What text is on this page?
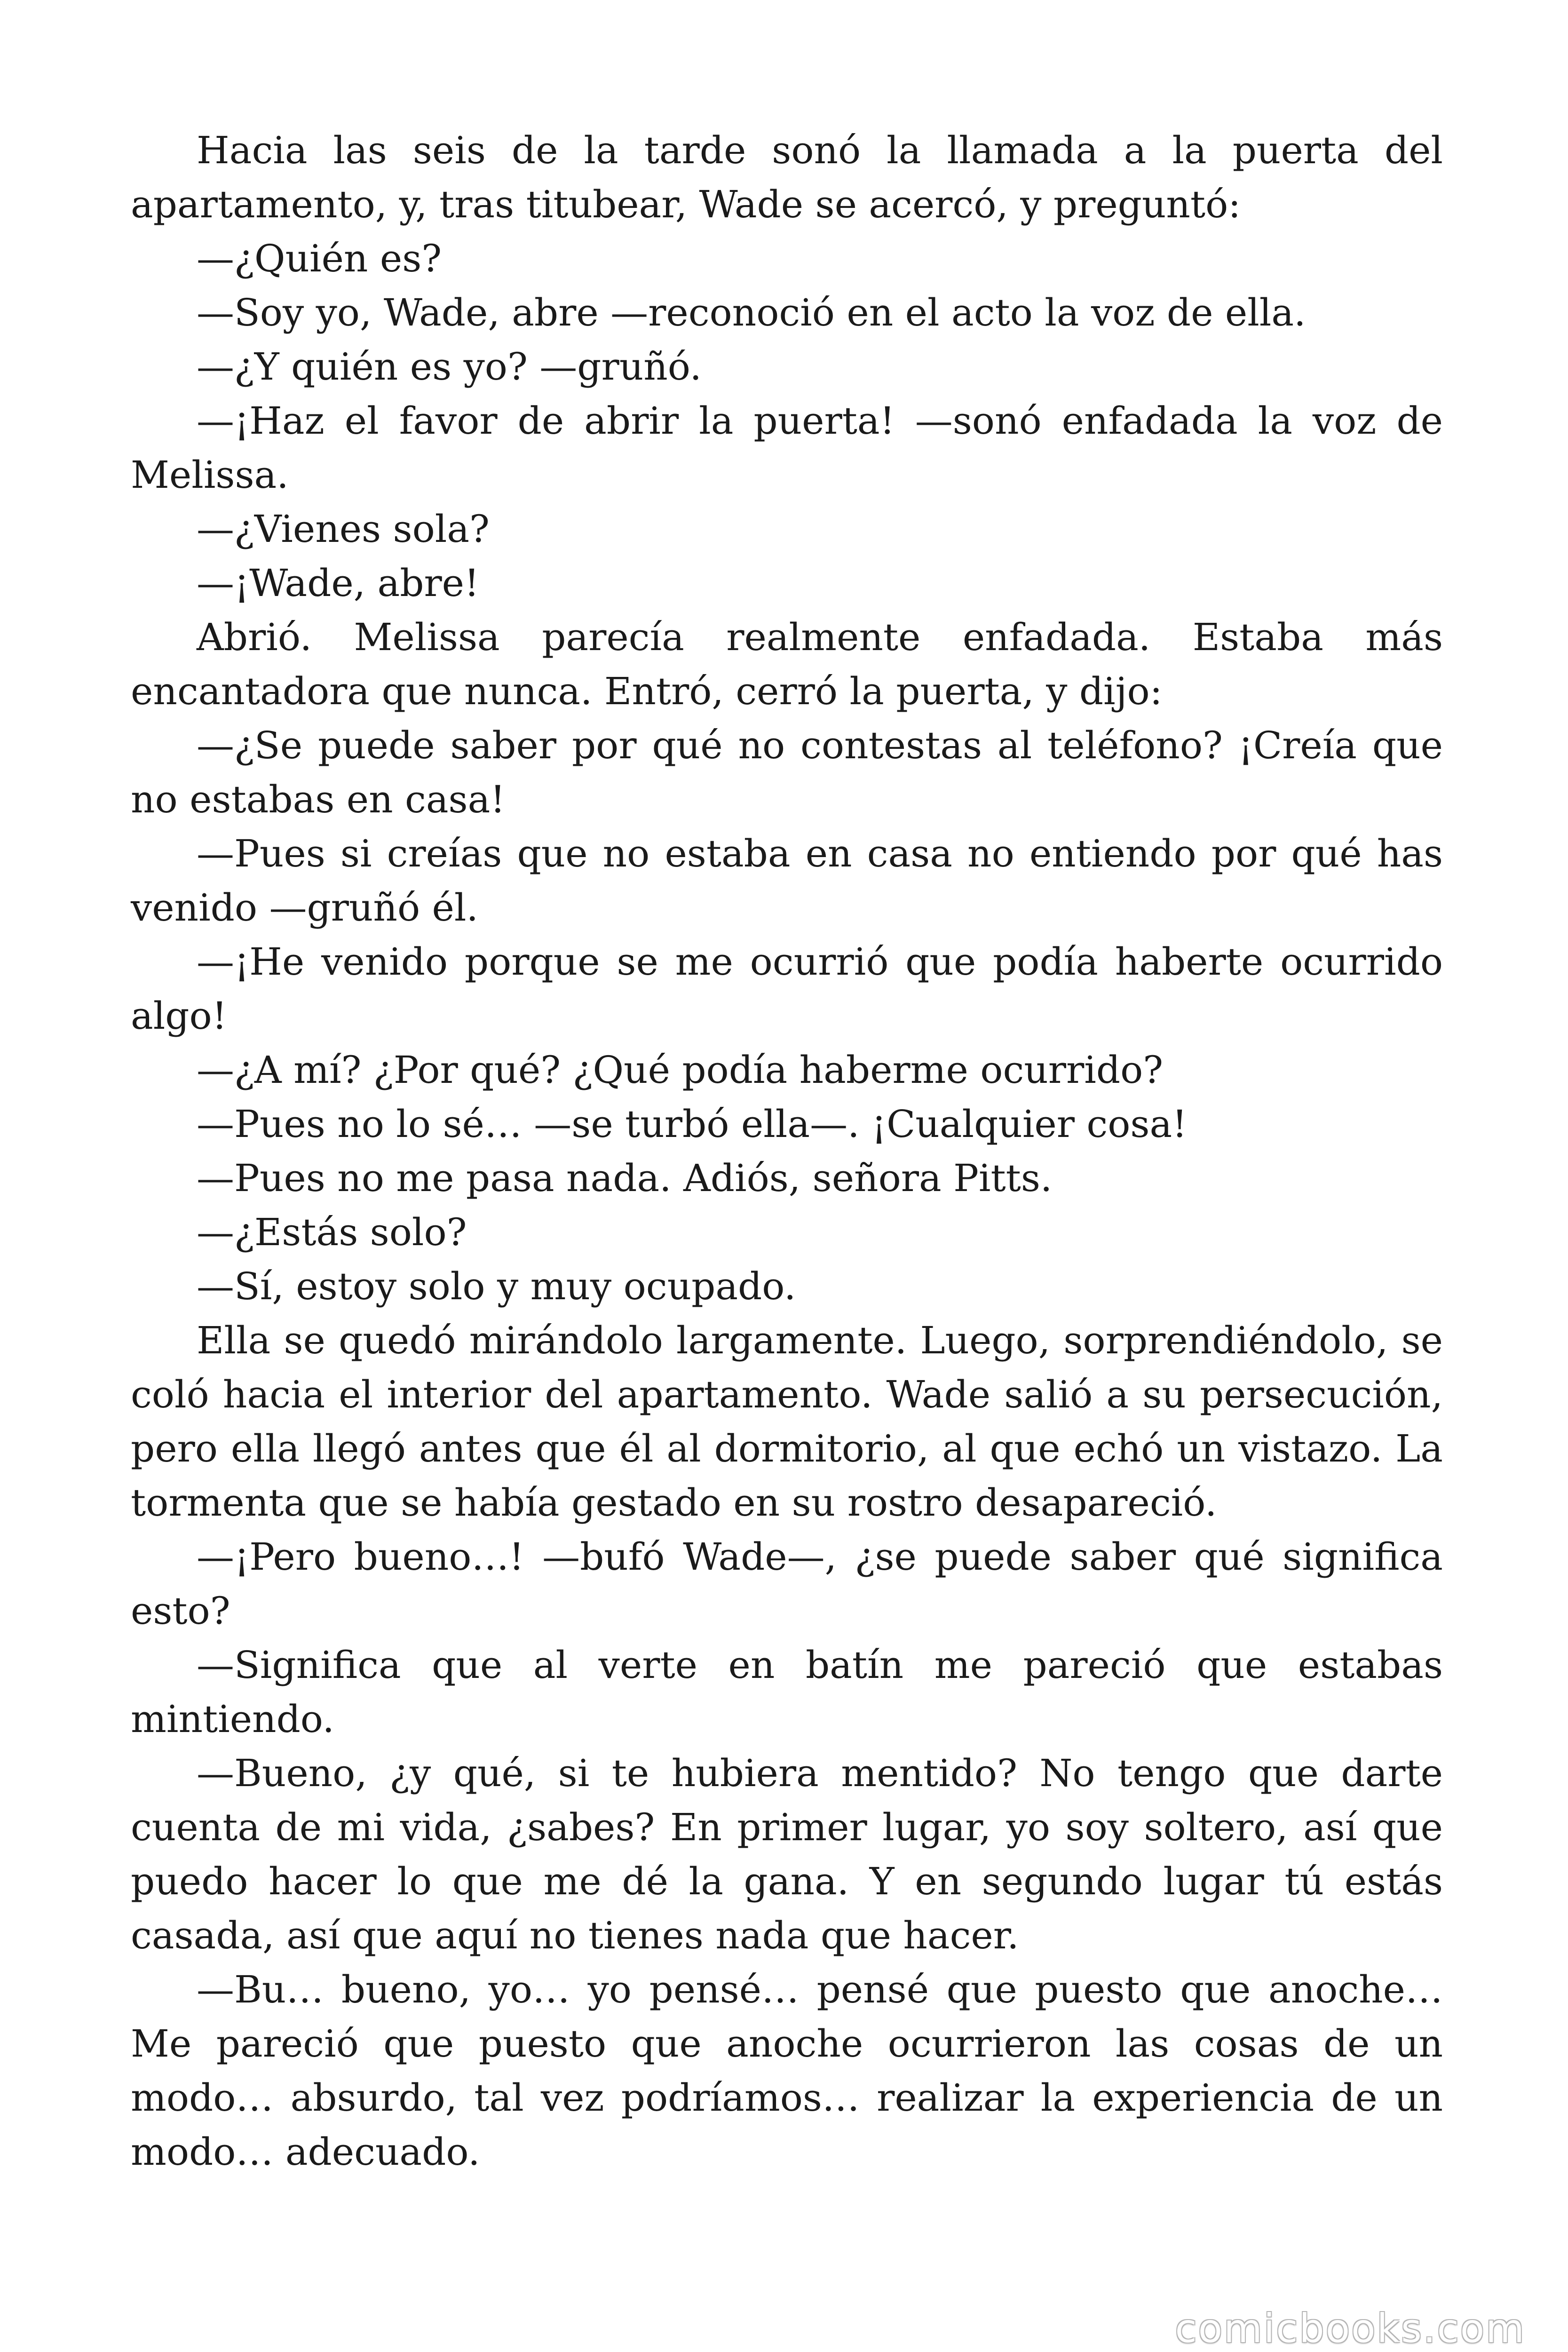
Hacia las seis de la tarde sonó la llamada a la puerta del apartamento, y, tras titubear, Wade se acercó, y preguntó:

—¿Quién es?

—Soy yo, Wade, abre —reconoció en el acto la voz de ella.

—¿Y quién es yo? —gruñó.

—¡Haz el favor de abrir la puerta! —sonó enfadada la voz de Melissa.

—¿Vienes sola?

—¡Wade, abre!

Abrió. Melissa parecía realmente enfadada. Estaba más encantadora que nunca. Entró, cerró la puerta, y dijo:

—¿Se puede saber por qué no contestas al teléfono? ¡Creía que no estabas en casa!

—Pues si creías que no estaba en casa no entiendo por qué has venido —gruñó él.

—¡He venido porque se me ocurrió que podía haberte ocurrido algo!

—¿A mí? ¿Por qué? ¿Qué podía haberme ocurrido?

—Pues no lo sé… —se turbó ella—. ¡Cualquier cosa!

—Pues no me pasa nada. Adiós, señora Pitts.

—¿Estás solo?

—Sí, estoy solo y muy ocupado.

Ella se quedó mirándolo largamente. Luego, sorprendiéndolo, se coló hacia el interior del apartamento. Wade salió a su persecución, pero ella llegó antes que él al dormitorio, al que echó un vistazo. La tormenta que se había gestado en su rostro desapareció.

—¡Pero bueno…! —bufó Wade—, ¿se puede saber qué significa esto?

—Significa que al verte en batín me pareció que estabas mintiendo.

—Bueno, ¿y qué, si te hubiera mentido? No tengo que darte cuenta de mi vida, ¿sabes? En primer lugar, yo soy soltero, así que puedo hacer lo que me dé la gana. Y en segundo lugar tú estás casada, así que aquí no tienes nada que hacer.

—Bu… bueno, yo… yo pensé… pensé que puesto que anoche… Me pareció que puesto que anoche ocurrieron las cosas de un modo… absurdo, tal vez podríamos… realizar la experiencia de un modo… adecuado.

comicbooks.com
